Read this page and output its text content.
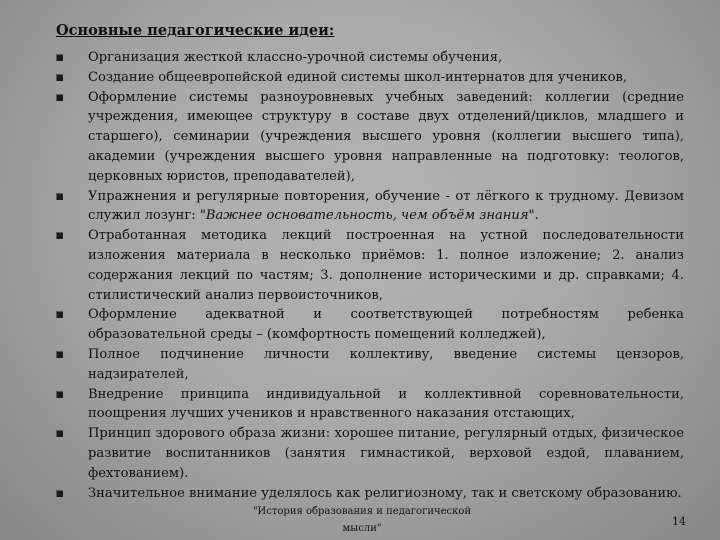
Основные педагогические идеи:

Организация жесткой классно-урочной системы обучения,
Создание общеевропейской единой системы школ-интернатов для учеников,
Оформление системы разноуровневых учебных заведений: коллегии (средние учреждения, имеющее структуру в составе двух отделений/циклов, младшего и старшего), семинарии (учреждения высшего уровня (коллегии высшего типа), академии (учреждения высшего уровня направленные на подготовку: теологов, церковных юристов, преподавателей),
Упражнения и регулярные повторения, обучение - от лёгкого к трудному. Девизом служил лозунг: "Важнее основательность, чем объём знания".
Отработанная методика лекций построенная на устной последовательности изложения материала в несколько приёмов: 1. полное изложение; 2. анализ содержания лекций по частям; 3. дополнение историческими и др. справками; 4. стилистический анализ первоисточников,
Оформление адекватной и соответствующей потребностям ребенка образовательной среды – (комфортность помещений колледжей),
Полное подчинение личности коллективу, введение системы цензоров, надзирателей,
Внедрение принципа индивидуальной и коллективной соревновательности, поощрения лучших учеников и нравственного наказания отстающих,
Принцип здорового образа жизни: хорошее питание, регулярный отдых, физическое развитие воспитанников (занятия гимнастикой, верховой ездой, плаванием, фехтованием).
Значительное внимание уделялось как религиозному, так и светскому образованию.
"История образования и педагогической
мысли"
14
